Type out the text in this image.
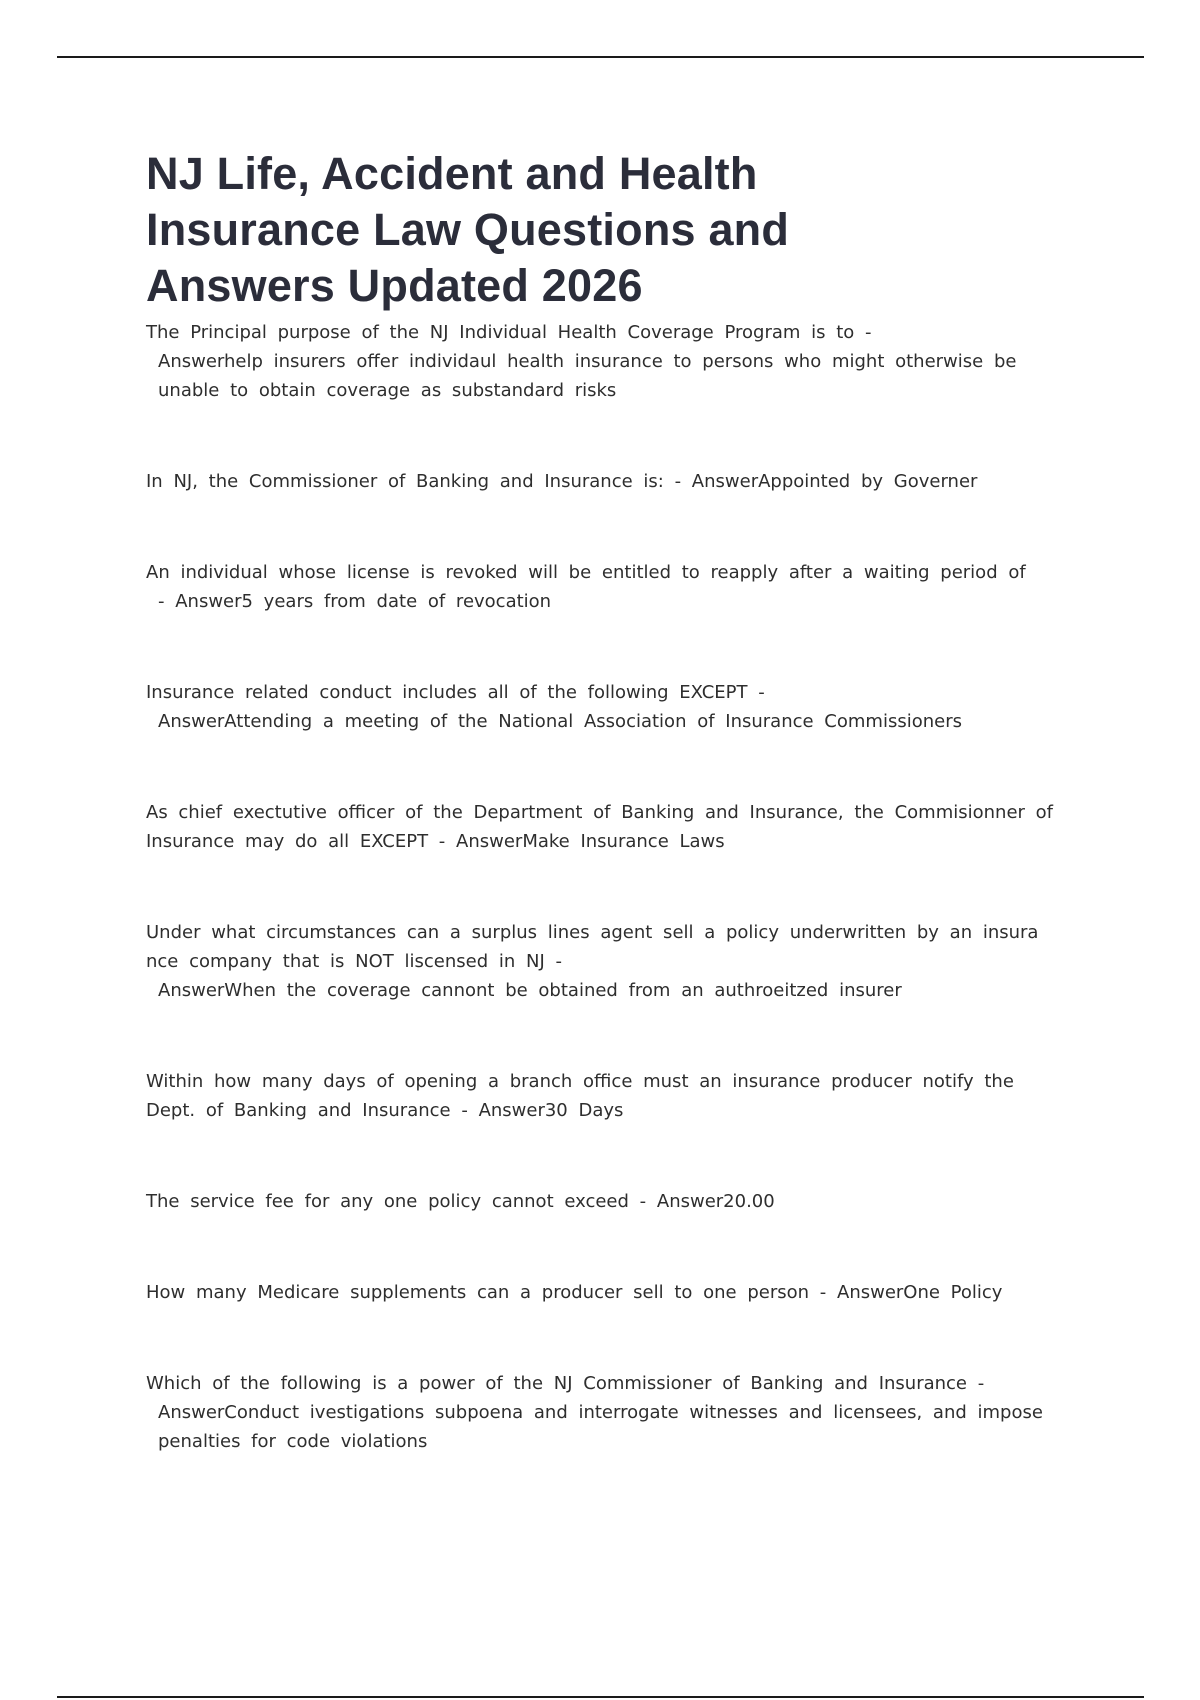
NJ Life, Accident and Health
Insurance Law Questions and
Answers Updated 2026
The Principal purpose of the NJ Individual Health Coverage Program is to -
Answerhelp insurers offer individaul health insurance to persons who might otherwise be unable to obtain coverage as substandard risks
In NJ, the Commissioner of Banking and Insurance is: - AnswerAppointed by Governer
An individual whose license is revoked will be entitled to reapply after a waiting period of
- Answer5 years from date of revocation
Insurance related conduct includes all of the following EXCEPT -
AnswerAttending a meeting of the National Association of Insurance Commissioners
As chief exectutive officer of the Department of Banking and Insurance, the Commisionner of Insurance may do all EXCEPT - AnswerMake Insurance Laws
Under what circumstances can a surplus lines agent sell a policy underwritten by an insura nce company that is NOT liscensed in NJ -
AnswerWhen the coverage cannont be obtained from an authroeitzed insurer
Within how many days of opening a branch office must an insurance producer notify the Dept. of Banking and Insurance - Answer30 Days
The service fee for any one policy cannot exceed - Answer20.00
How many Medicare supplements can a producer sell to one person - AnswerOne Policy
Which of the following is a power of the NJ Commissioner of Banking and Insurance -
AnswerConduct ivestigations subpoena and interrogate witnesses and licensees, and impose penalties for code violations
